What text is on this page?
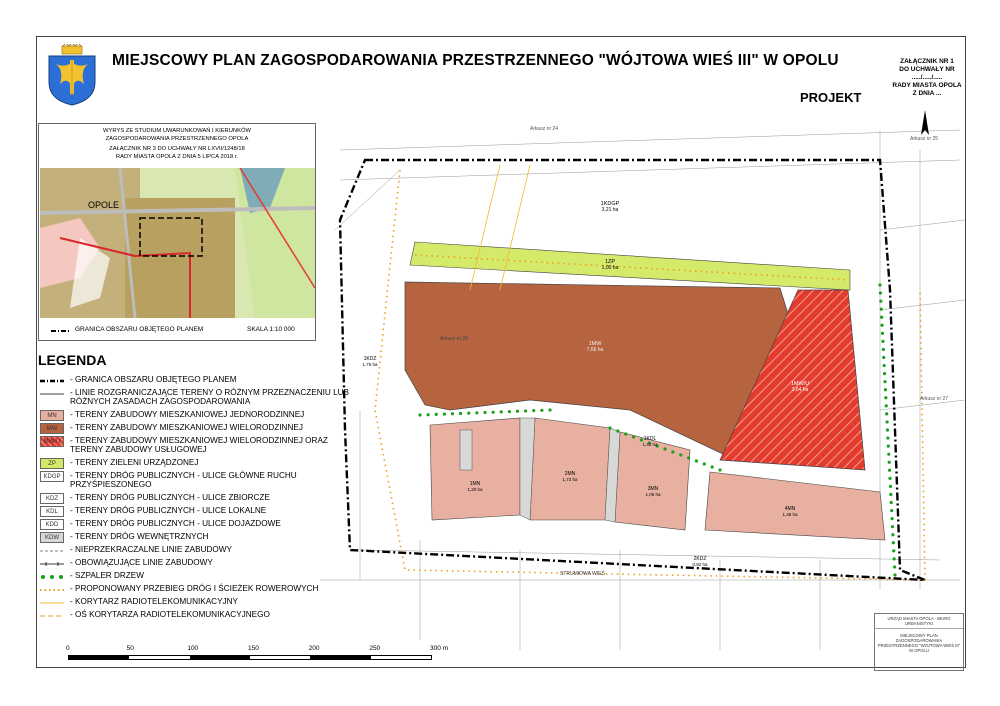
MIEJSCOWY PLAN ZAGOSPODAROWANIA PRZESTRZENNEGO "WÓJTOWA WIEŚ III" W OPOLU	ZAŁĄCZNIK NR 1
DO UCHWAŁY NR ...../...../.....
RADY MIASTA OPOLA
Z DNIA ...
PROJEKT
WYRYS ZE STUDIUM UWARUNKOWAŃ I KIERUNKÓW
ZAGOSPODAROWANIA PRZESTRZENNEGO OPOLA
ZAŁĄCZNIK NR 3 DO UCHWAŁY NR LXVII/1248/18
RADY MIASTA OPOLA Z DNIA 5 LIPCA 2018 r.
OPOLE
GRANICA OBSZARU OBJĘTEGO PLANEM	SKALA 1:10 000
LEGENDA
- GRANICA OBSZARU OBJĘTEGO PLANEM
- LINIE ROZGRANICZAJĄCE TERENY O RÓŻNYM PRZEZNACZENIU LUB RÓŻNYCH ZASADACH ZAGOSPODAROWANIA
MN	- TERENY ZABUDOWY MIESZKANIOWEJ JEDNORODZINNEJ
MW	- TERENY ZABUDOWY MIESZKANIOWEJ WIELORODZINNEJ
MW/U	- TERENY ZABUDOWY MIESZKANIOWEJ WIELORODZINNEJ ORAZ TERENY ZABUDOWY USŁUGOWEJ
ZP	- TERENY ZIELENI URZĄDZONEJ
KDGP	- TERENY DRÓG PUBLICZNYCH - ULICE GŁÓWNE RUCHU PRZYŚPIESZONEGO
KDZ	- TERENY DRÓG PUBLICZNYCH - ULICE ZBIORCZE
KDL	- TERENY DRÓG PUBLICZNYCH - ULICE LOKALNE
KDD	- TERENY DRÓG PUBLICZNYCH - ULICE DOJAZDOWE
KDW	- TERENY DRÓG WEWNĘTRZNYCH
- NIEPRZEKRACZALNE LINIE ZABUDOWY
- OBOWIĄZUJĄCE LINIE ZABUDOWY
- SZPALER DRZEW
- PROPONOWANY PRZEBIEG DRÓG I ŚCIEŻEK ROWEROWYCH
- KORYTARZ RADIOTELEKOMUNIKACYJNY
- OŚ KORYTARZA RADIOTELEKOMUNIKACYJNEGO
0	50	100	150	200	250	300 m
1KDGP
3,21 ha
1ZP
1,00 ha
1MW
7,66 ha
1MW/U
3,64 ha
1KDL
1,42 ha
1KDZ
1,76 ha
2KDZ
0,92 ha
1MN
1,20 ha
2MN
1,72 ha
3MN
1,05 ha
4MN
1,48 ha
Arkusz nr 24
Arkusz nr 25
Arkusz nr 26
Arkusz nr 27
STRUMIOWA WIEŚ
URZĄD MIASTA OPOLA - BIURO URBANISTYKI
MIEJSCOWY PLAN ZAGOSPODAROWANIA PRZESTRZENNEGO "WÓJTOWA WIEŚ III" W OPOLU
